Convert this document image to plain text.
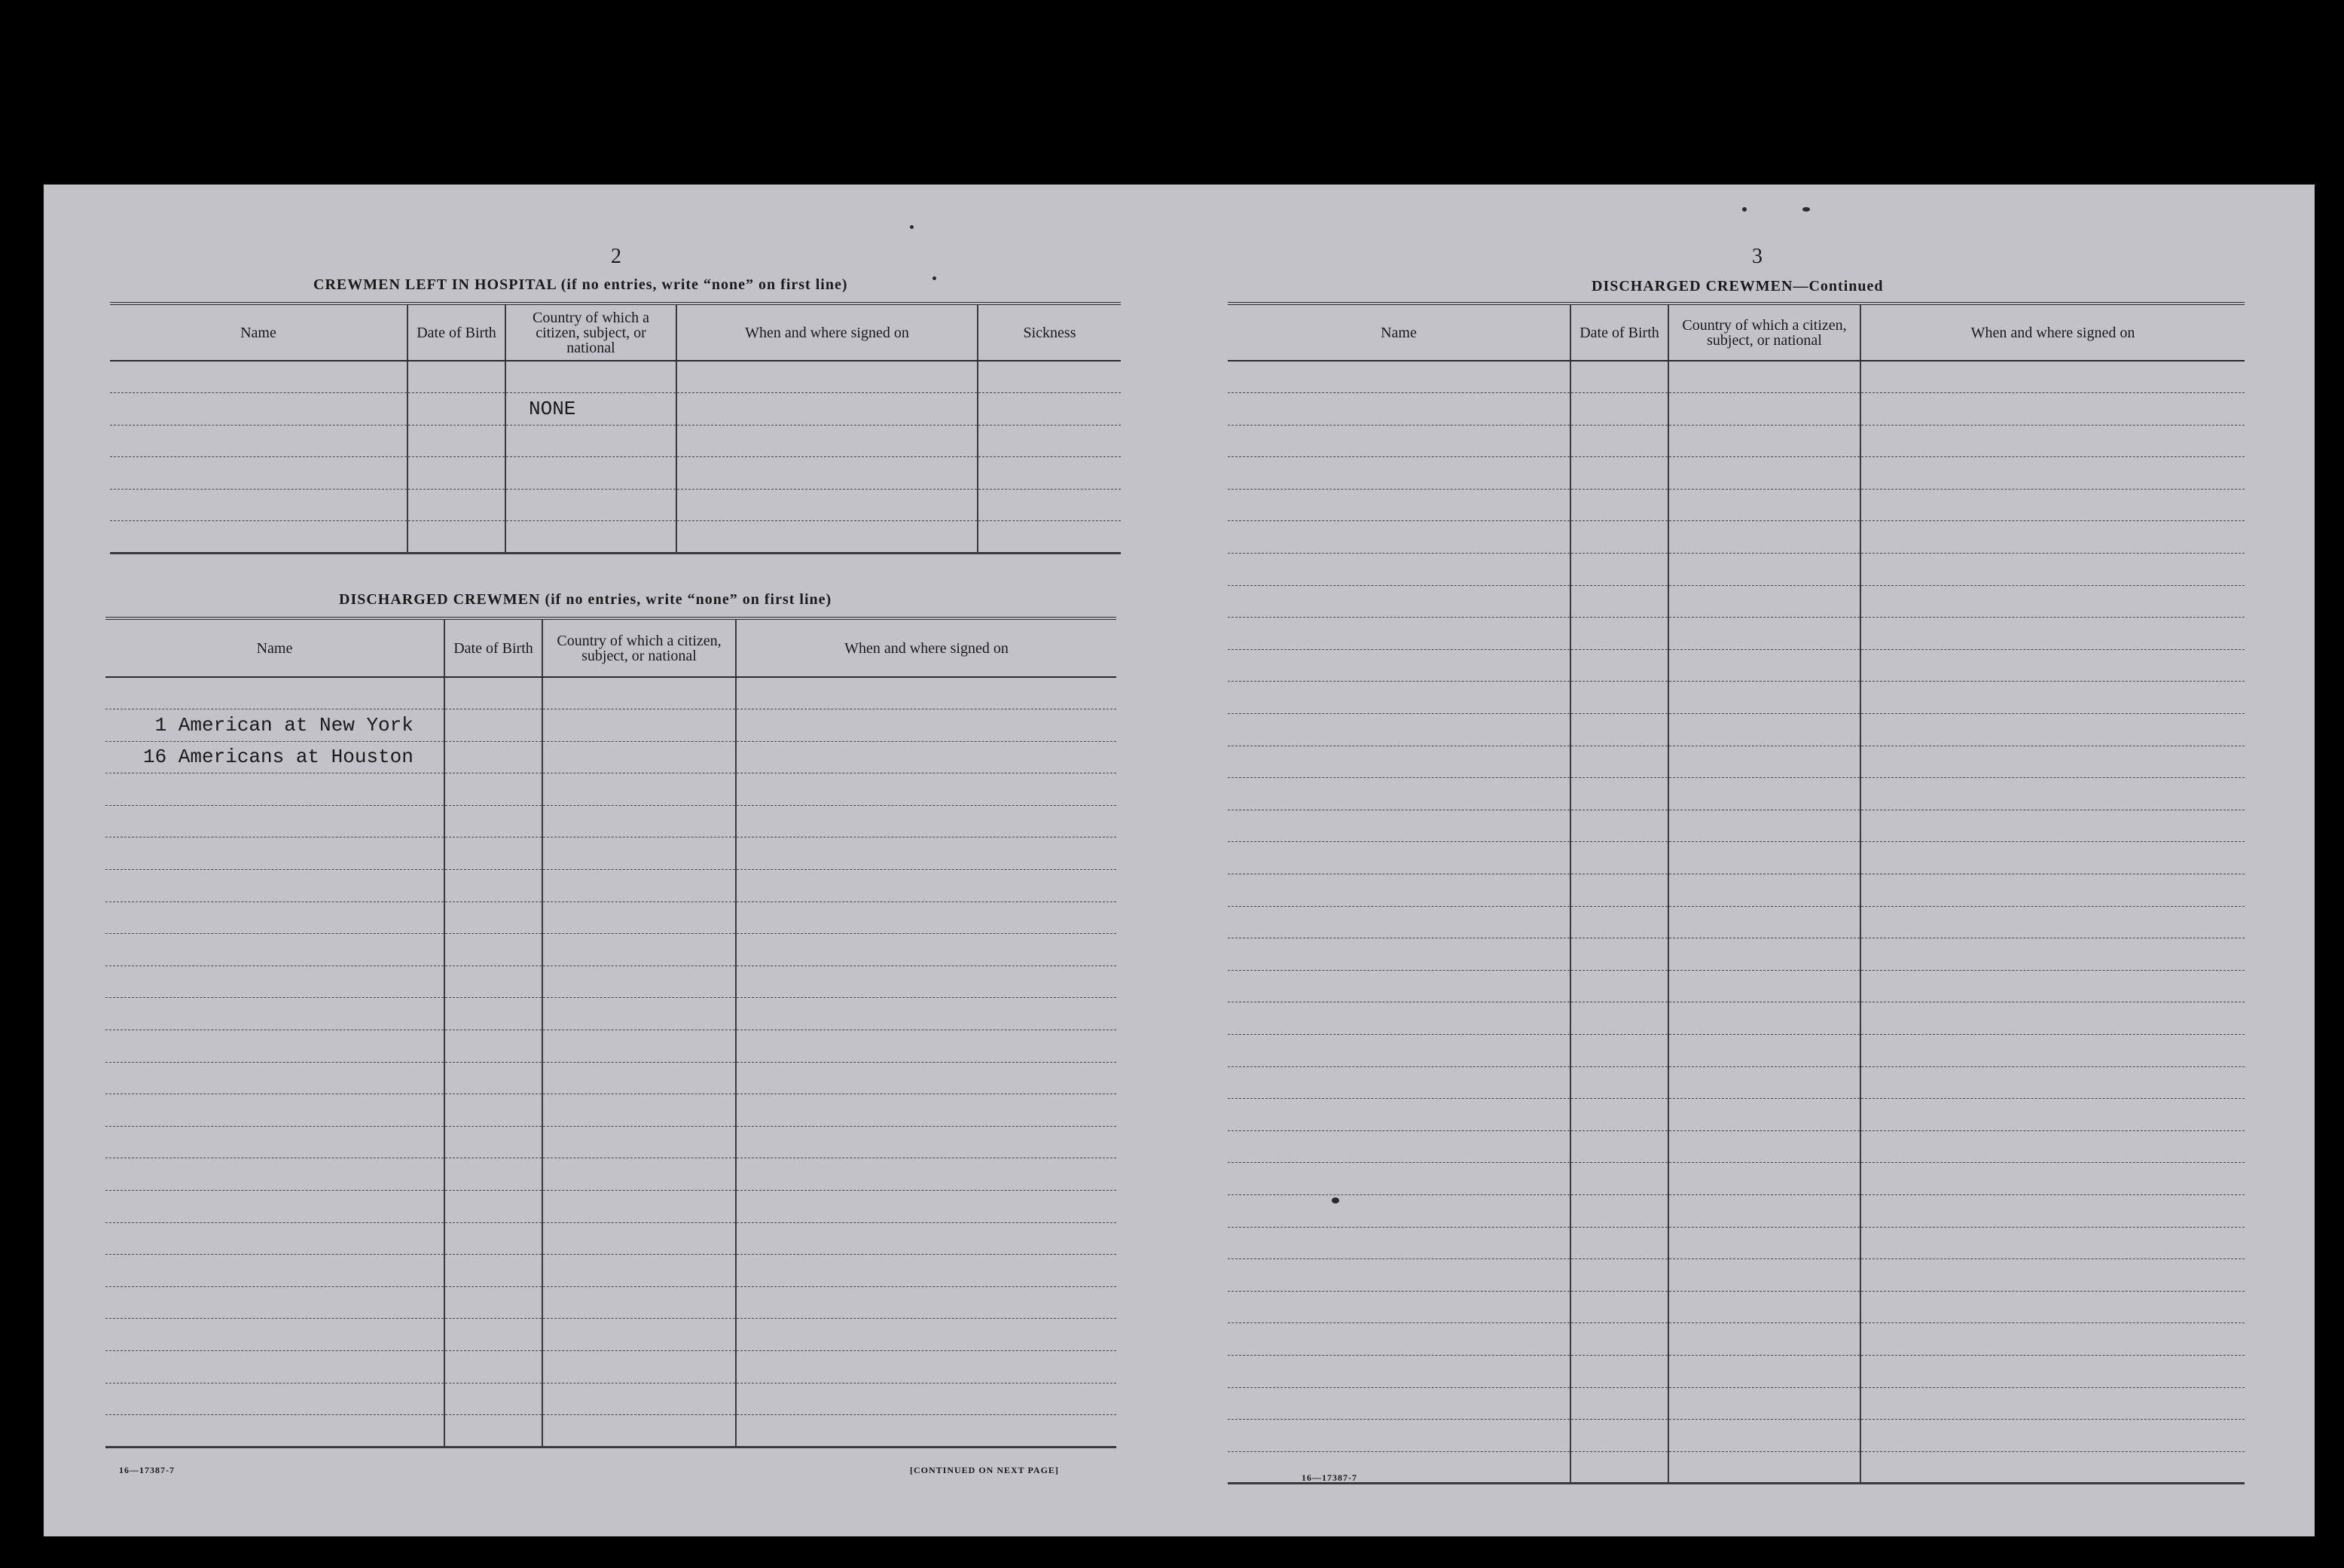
2
CREWMEN LEFT IN HOSPITAL (if no entries, write “none” on first line)
Name	Date of Birth	Country of which a citizen, subject, or national	When and where signed on	Sickness

		NONE		

DISCHARGED CREWMEN (if no entries, write “none” on first line)
Name	Date of Birth	Country of which a citizen, subject, or national	When and where signed on

1 American at New York			
16 Americans at Houston			

16—17387-7	[CONTINUED ON NEXT PAGE]
3
DISCHARGED CREWMEN—Continued
Name	Date of Birth	Country of which a citizen, subject, or national	When and where signed on

16—17387-7
